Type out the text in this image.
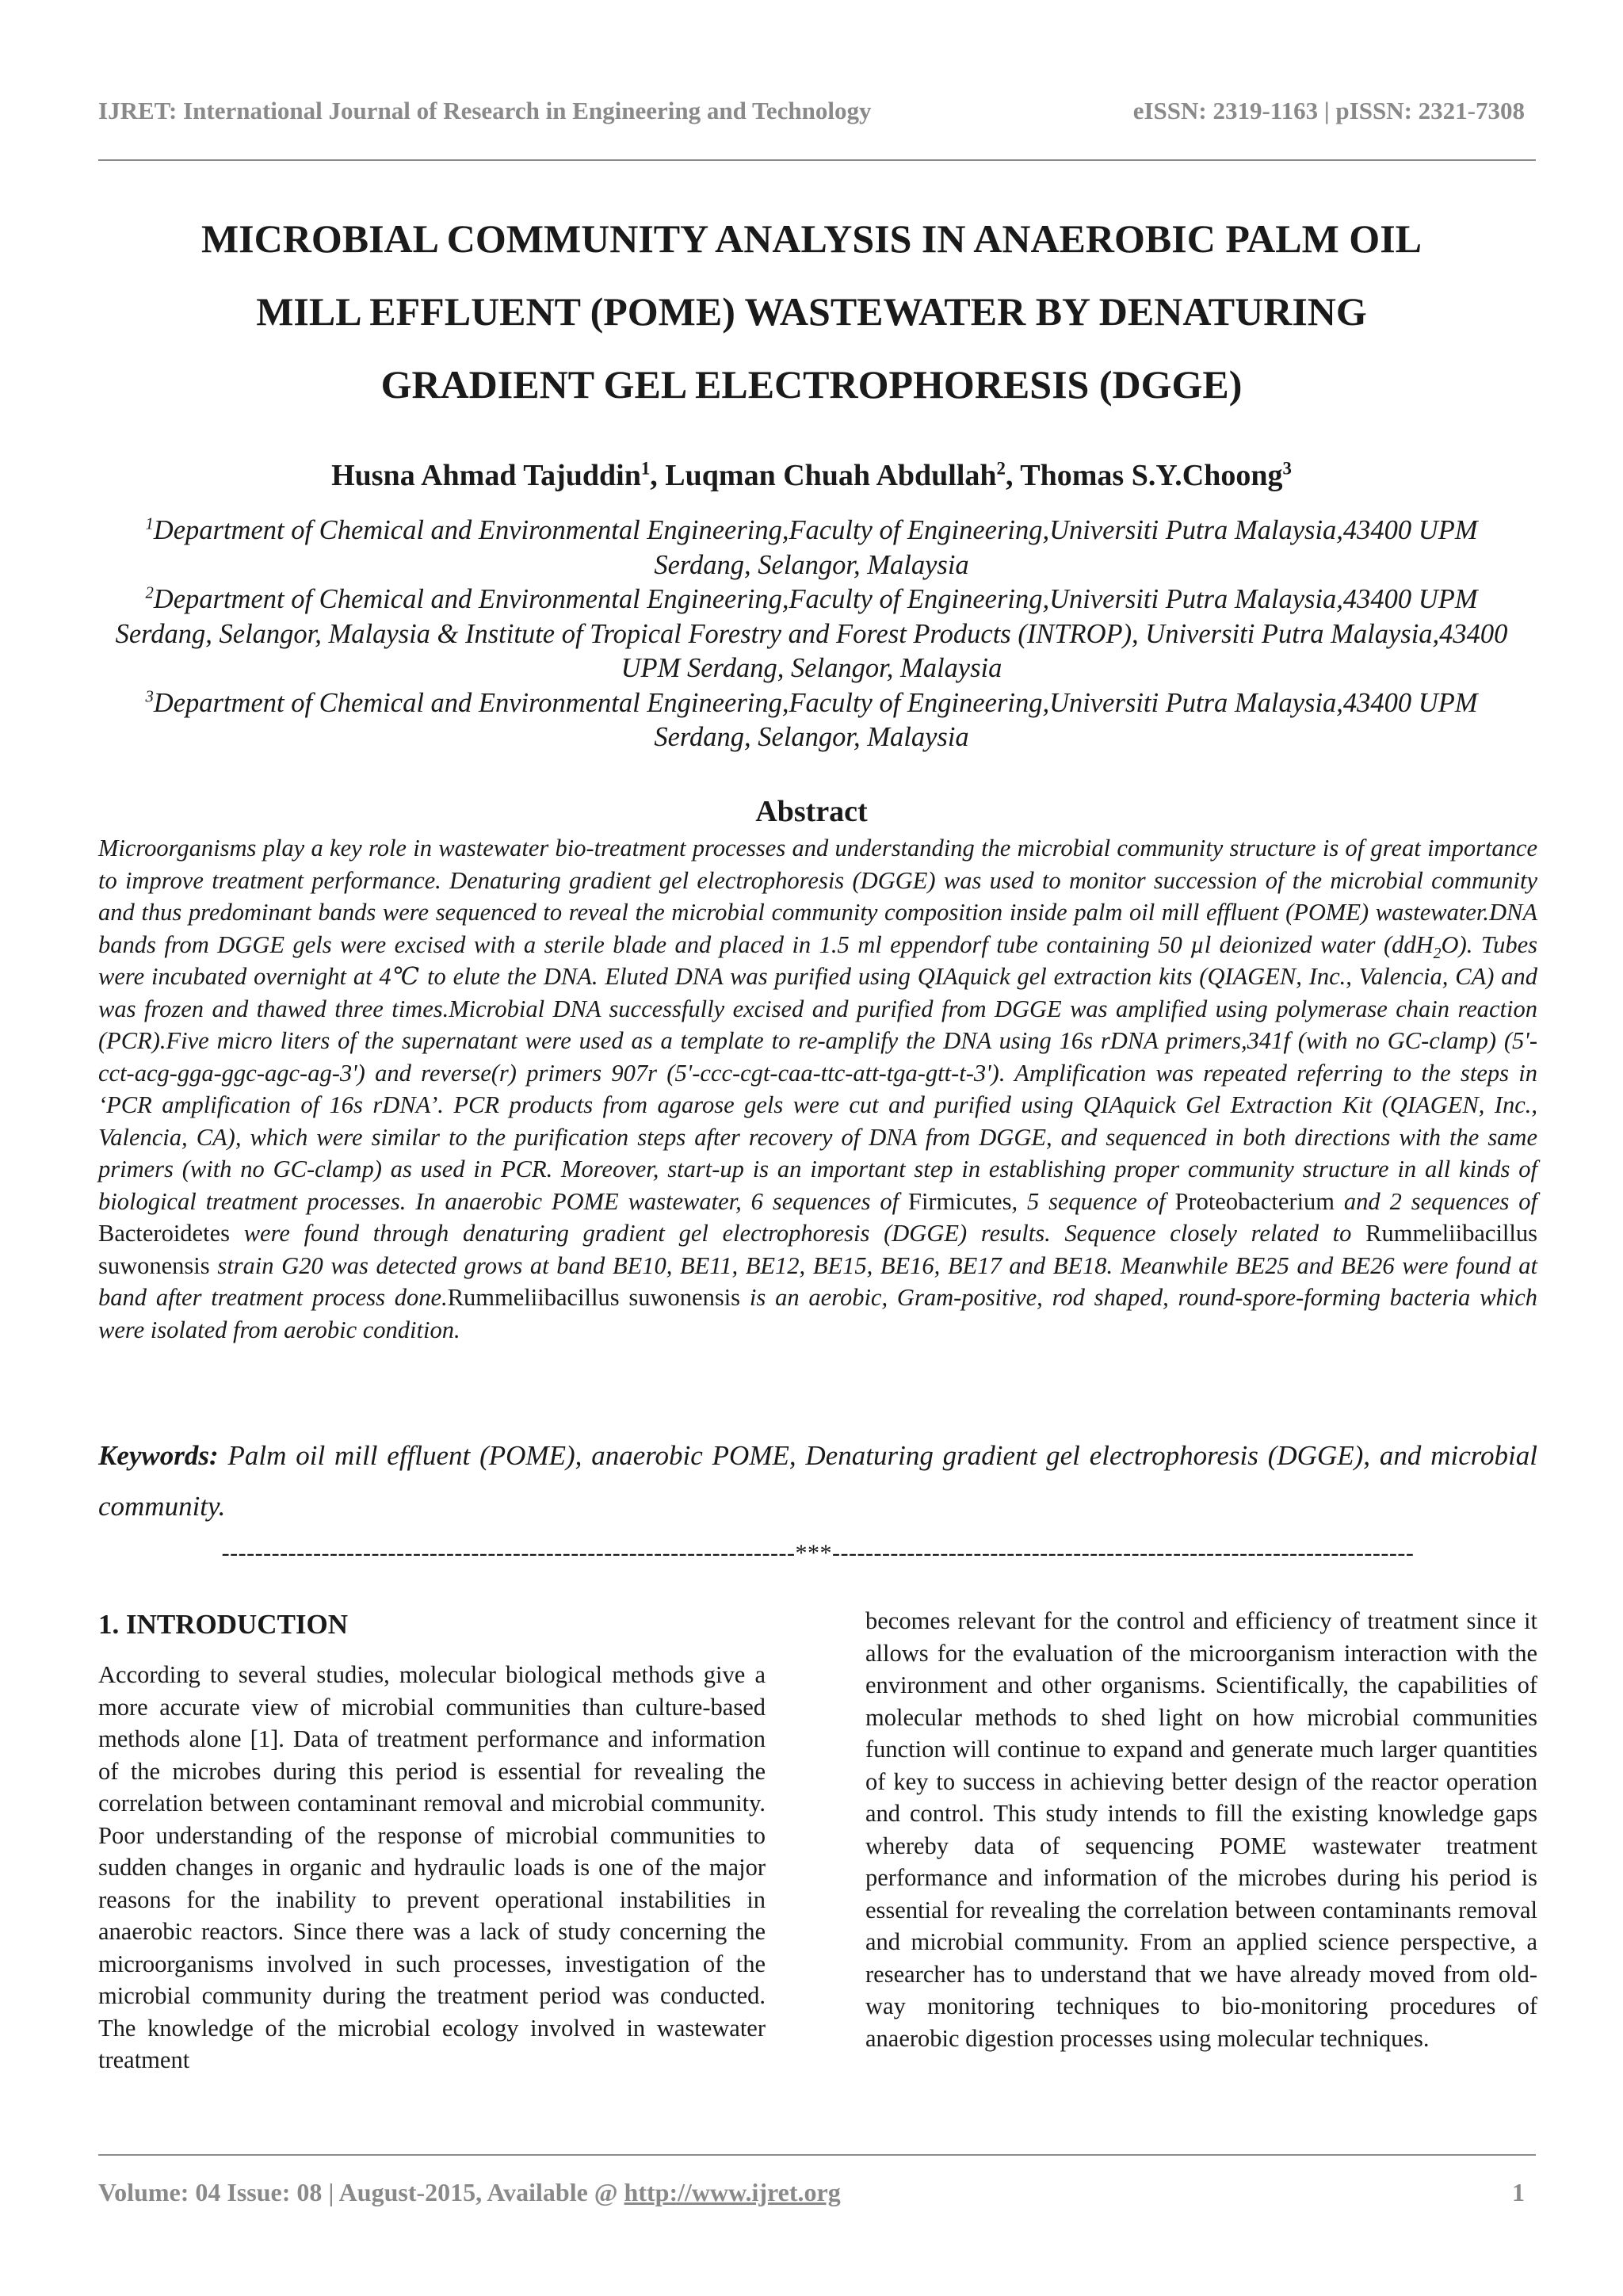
IJRET: International Journal of Research in Engineering and Technology	eISSN: 2319-1163 | pISSN: 2321-7308
MICROBIAL COMMUNITY ANALYSIS IN ANAEROBIC PALM OIL
MILL EFFLUENT (POME) WASTEWATER BY DENATURING
GRADIENT GEL ELECTROPHORESIS (DGGE)
Husna Ahmad Tajuddin$^1$, Luqman Chuah Abdullah$^2$, Thomas S.Y.Choong$^3$

$^1$Department of Chemical and Environmental Engineering,Faculty of Engineering,Universiti Putra Malaysia,43400 UPM Serdang, Selangor, Malaysia

$^2$Department of Chemical and Environmental Engineering,Faculty of Engineering,Universiti Putra Malaysia,43400 UPM Serdang, Selangor, Malaysia & Institute of Tropical Forestry and Forest Products (INTROP), Universiti Putra Malaysia,43400 UPM Serdang, Selangor, Malaysia

$^3$Department of Chemical and Environmental Engineering,Faculty of Engineering,Universiti Putra Malaysia,43400 UPM Serdang, Selangor, Malaysia

Abstract
Microorganisms play a key role in wastewater bio-treatment processes and understanding the microbial community structure is of great importance to improve treatment performance. Denaturing gradient gel electrophoresis (DGGE) was used to monitor succession of the microbial community and thus predominant bands were sequenced to reveal the microbial community composition inside palm oil mill effluent (POME) wastewater.DNA bands from DGGE gels were excised with a sterile blade and placed in 1.5 ml eppendorf tube containing 50 µl deionized water (ddH$_2$O). Tubes were incubated overnight at 4℃ to elute the DNA. Eluted DNA was purified using QIAquick gel extraction kits (QIAGEN, Inc., Valencia, CA) and was frozen and thawed three times.Microbial DNA successfully excised and purified from DGGE was amplified using polymerase chain reaction (PCR).Five micro liters of the supernatant were used as a template to re-amplify the DNA using 16s rDNA primers,341f (with no GC-clamp) (5'- cct-acg-gga-ggc-agc-ag-3') and reverse(r) primers 907r (5'-ccc-cgt-caa-ttc-att-tga-gtt-t-3'). Amplification was repeated referring to the steps in ‘PCR amplification of 16s rDNA’. PCR products from agarose gels were cut and purified using QIAquick Gel Extraction Kit (QIAGEN, Inc., Valencia, CA), which were similar to the purification steps after recovery of DNA from DGGE, and sequenced in both directions with the same primers (with no GC-clamp) as used in PCR. Moreover, start-up is an important step in establishing proper community structure in all kinds of biological treatment processes. In anaerobic POME wastewater, 6 sequences of Firmicutes, 5 sequence of Proteobacterium and 2 sequences of Bacteroidetes were found through denaturing gradient gel electrophoresis (DGGE) results. Sequence closely related to Rummeliibacillus suwonensis strain G20 was detected grows at band BE10, BE11, BE12, BE15, BE16, BE17 and BE18. Meanwhile BE25 and BE26 were found at band after treatment process done.Rummeliibacillus suwonensis is an aerobic, Gram-positive, rod shaped, round-spore-forming bacteria which were isolated from aerobic condition.
Keywords: Palm oil mill effluent (POME), anaerobic POME, Denaturing gradient gel electrophoresis (DGGE), and microbial community.
---------------------------------------------------------------------***----------------------------------------------------------------------
1. INTRODUCTION
According to several studies, molecular biological methods give a more accurate view of microbial communities than culture-based methods alone [1]. Data of treatment performance and information of the microbes during this period is essential for revealing the correlation between contaminant removal and microbial community. Poor understanding of the response of microbial communities to sudden changes in organic and hydraulic loads is one of the major reasons for the inability to prevent operational instabilities in anaerobic reactors. Since there was a lack of study concerning the microorganisms involved in such processes, investigation of the microbial community during the treatment period was conducted. The knowledge of the microbial ecology involved in wastewater treatment
becomes relevant for the control and efficiency of treatment since it allows for the evaluation of the microorganism interaction with the environment and other organisms. Scientifically, the capabilities of molecular methods to shed light on how microbial communities function will continue to expand and generate much larger quantities of key to success in achieving better design of the reactor operation and control. This study intends to fill the existing knowledge gaps whereby data of sequencing POME wastewater treatment performance and information of the microbes during his period is essential for revealing the correlation between contaminants removal and microbial community. From an applied science perspective, a researcher has to understand that we have already moved from old-way monitoring techniques to bio-monitoring procedures of anaerobic digestion processes using molecular techniques.
Volume: 04 Issue: 08 | August-2015, Available @ http://www.ijret.org	1
